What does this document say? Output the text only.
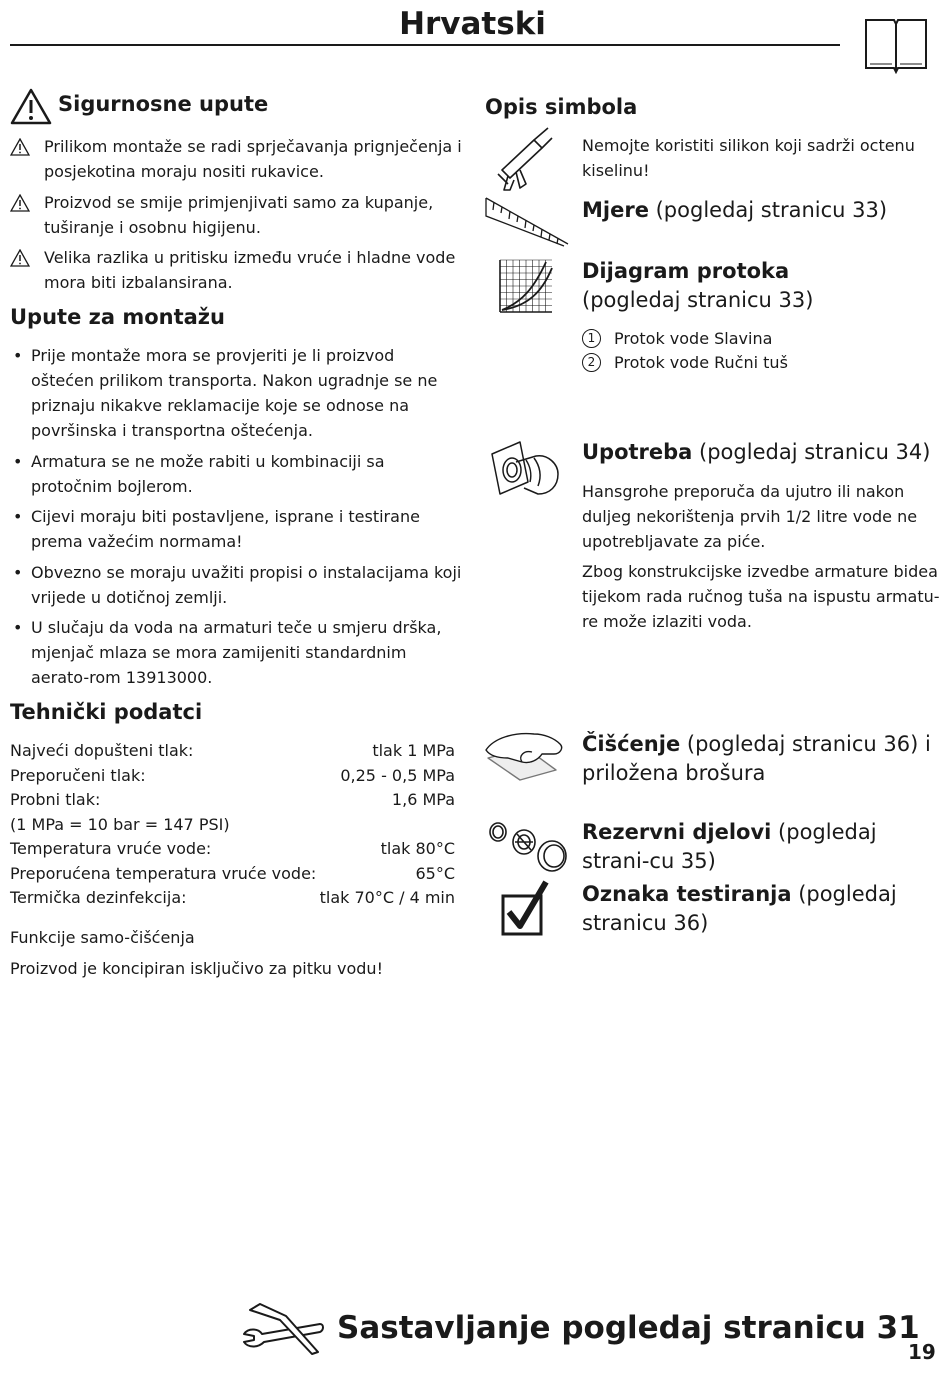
Hrvatski
Sigurnosne upute
Prilikom montaže se radi sprječavanja prignječenja i posjekotina moraju nositi rukavice.
Proizvod se smije primjenjivati samo za kupanje, tuširanje i osobnu higijenu.
Velika razlika u pritisku između vruće i hladne vode mora biti izbalansirana.
Upute za montažu
• Prije montaže mora se provjeriti je li proizvod oštećen prilikom transporta. Nakon ugradnje se ne priznaju nikakve reklamacije koje se odnose na površinska i transportna oštećenja.
• Armatura se ne može rabiti u kombinaciji sa protočnim bojlerom.
• Cijevi moraju biti postavljene, isprane i testirane prema važećim normama!
• Obvezno se moraju uvažiti propisi o instalacijama koji vrijede u dotičnoj zemlji.
• U slučaju da voda na armaturi teče u smjeru drška, mjenjač mlaza se mora zamijeniti standardnim aerato-rom 13913000.
Tehnički podatci
Najveći dopušteni tlak:	tlak 1 MPa
Preporučeni tlak:	0,25 - 0,5 MPa
Probni tlak:	1,6 MPa
(1 MPa = 10 bar = 147 PSI)
Temperatura vruće vode:	tlak 80°C
Preporućena temperatura vruće vode:	65°C
Termička dezinfekcija:	tlak 70°C / 4 min
Funkcije samo-čišćenja
Proizvod je koncipiran isključivo za pitku vodu!
Opis simbola
Nemojte koristiti silikon koji sadrži octenu kiselinu!
Mjere (pogledaj stranicu 33)
Dijagram protoka
(pogledaj stranicu 33)
1 Protok vode Slavina
2 Protok vode Ručni tuš
Upotreba (pogledaj stranicu 34)
Hansgrohe preporuča da ujutro ili nakon duljeg nekorištenja prvih 1/2 litre vode ne upotrebljavate za piće.
Zbog konstrukcijske izvedbe armature bidea tijekom rada ručnog tuša na ispustu armatu-re može izlaziti voda.
Čišćenje (pogledaj stranicu 36) i priložena brošura
Rezervni djelovi (pogledaj strani-cu 35)
Oznaka testiranja (pogledaj stranicu 36)
Sastavljanje pogledaj stranicu 31
19
